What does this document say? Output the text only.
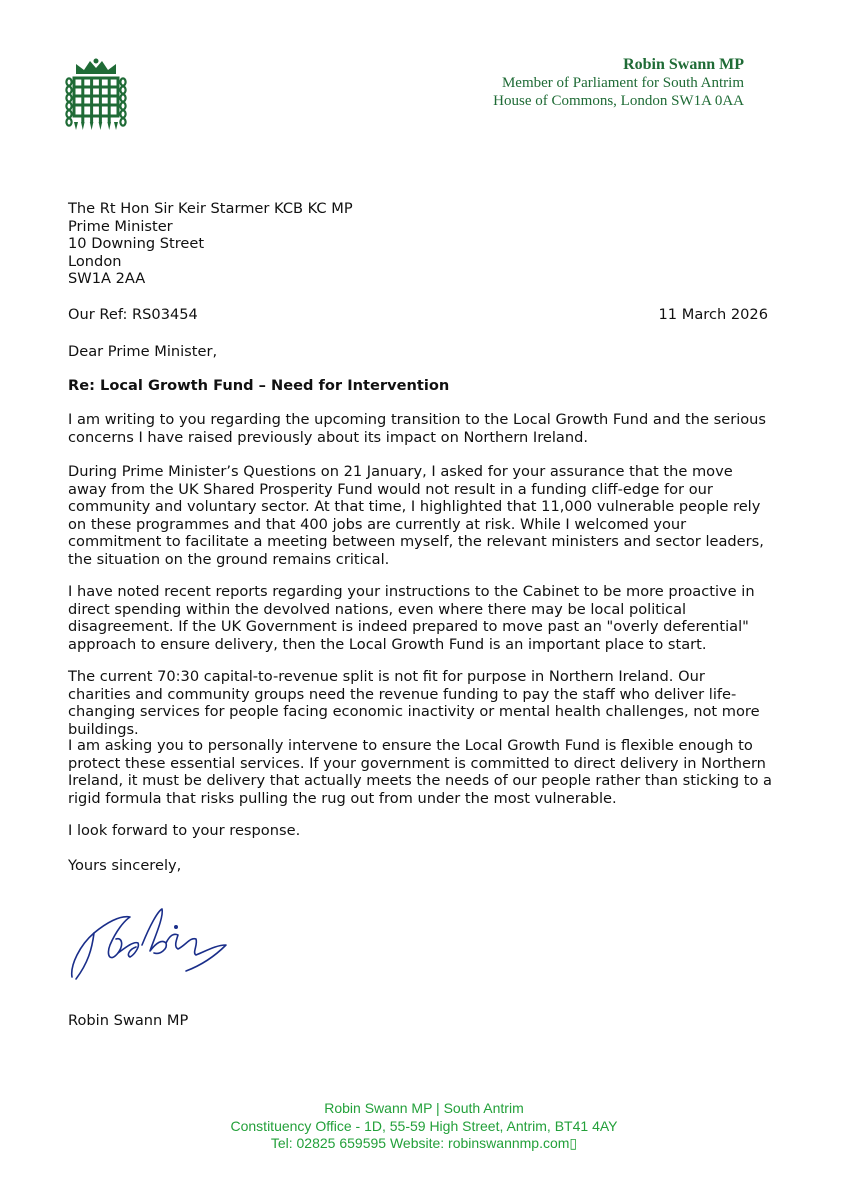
Robin Swann MP
Member of Parliament for South Antrim
House of Commons, London SW1A 0AA
The Rt Hon Sir Keir Starmer KCB KC MP
Prime Minister
10 Downing Street
London
SW1A 2AA
Our Ref: RS03454	11 March 2026
Dear Prime Minister,
Re: Local Growth Fund – Need for Intervention
I am writing to you regarding the upcoming transition to the Local Growth Fund and the serious concerns I have raised previously about its impact on Northern Ireland.
During Prime Minister’s Questions on 21 January, I asked for your assurance that the move away from the UK Shared Prosperity Fund would not result in a funding cliff-edge for our community and voluntary sector. At that time, I highlighted that 11,000 vulnerable people rely on these programmes and that 400 jobs are currently at risk. While I welcomed your commitment to facilitate a meeting between myself, the relevant ministers and sector leaders, the situation on the ground remains critical.
I have noted recent reports regarding your instructions to the Cabinet to be more proactive in direct spending within the devolved nations, even where there may be local political disagreement. If the UK Government is indeed prepared to move past an "overly deferential" approach to ensure delivery, then the Local Growth Fund is an important place to start.
The current 70:30 capital-to-revenue split is not fit for purpose in Northern Ireland. Our charities and community groups need the revenue funding to pay the staff who deliver life-changing services for people facing economic inactivity or mental health challenges, not more buildings.
I am asking you to personally intervene to ensure the Local Growth Fund is flexible enough to protect these essential services. If your government is committed to direct delivery in Northern Ireland, it must be delivery that actually meets the needs of our people rather than sticking to a rigid formula that risks pulling the rug out from under the most vulnerable.
I look forward to your response.
Yours sincerely,
Robin Swann MP
Robin Swann MP | South Antrim
Constituency Office - 1D, 55-59 High Street, Antrim, BT41 4AY
Tel: 02825 659595 Website: robinswannmp.com▯
